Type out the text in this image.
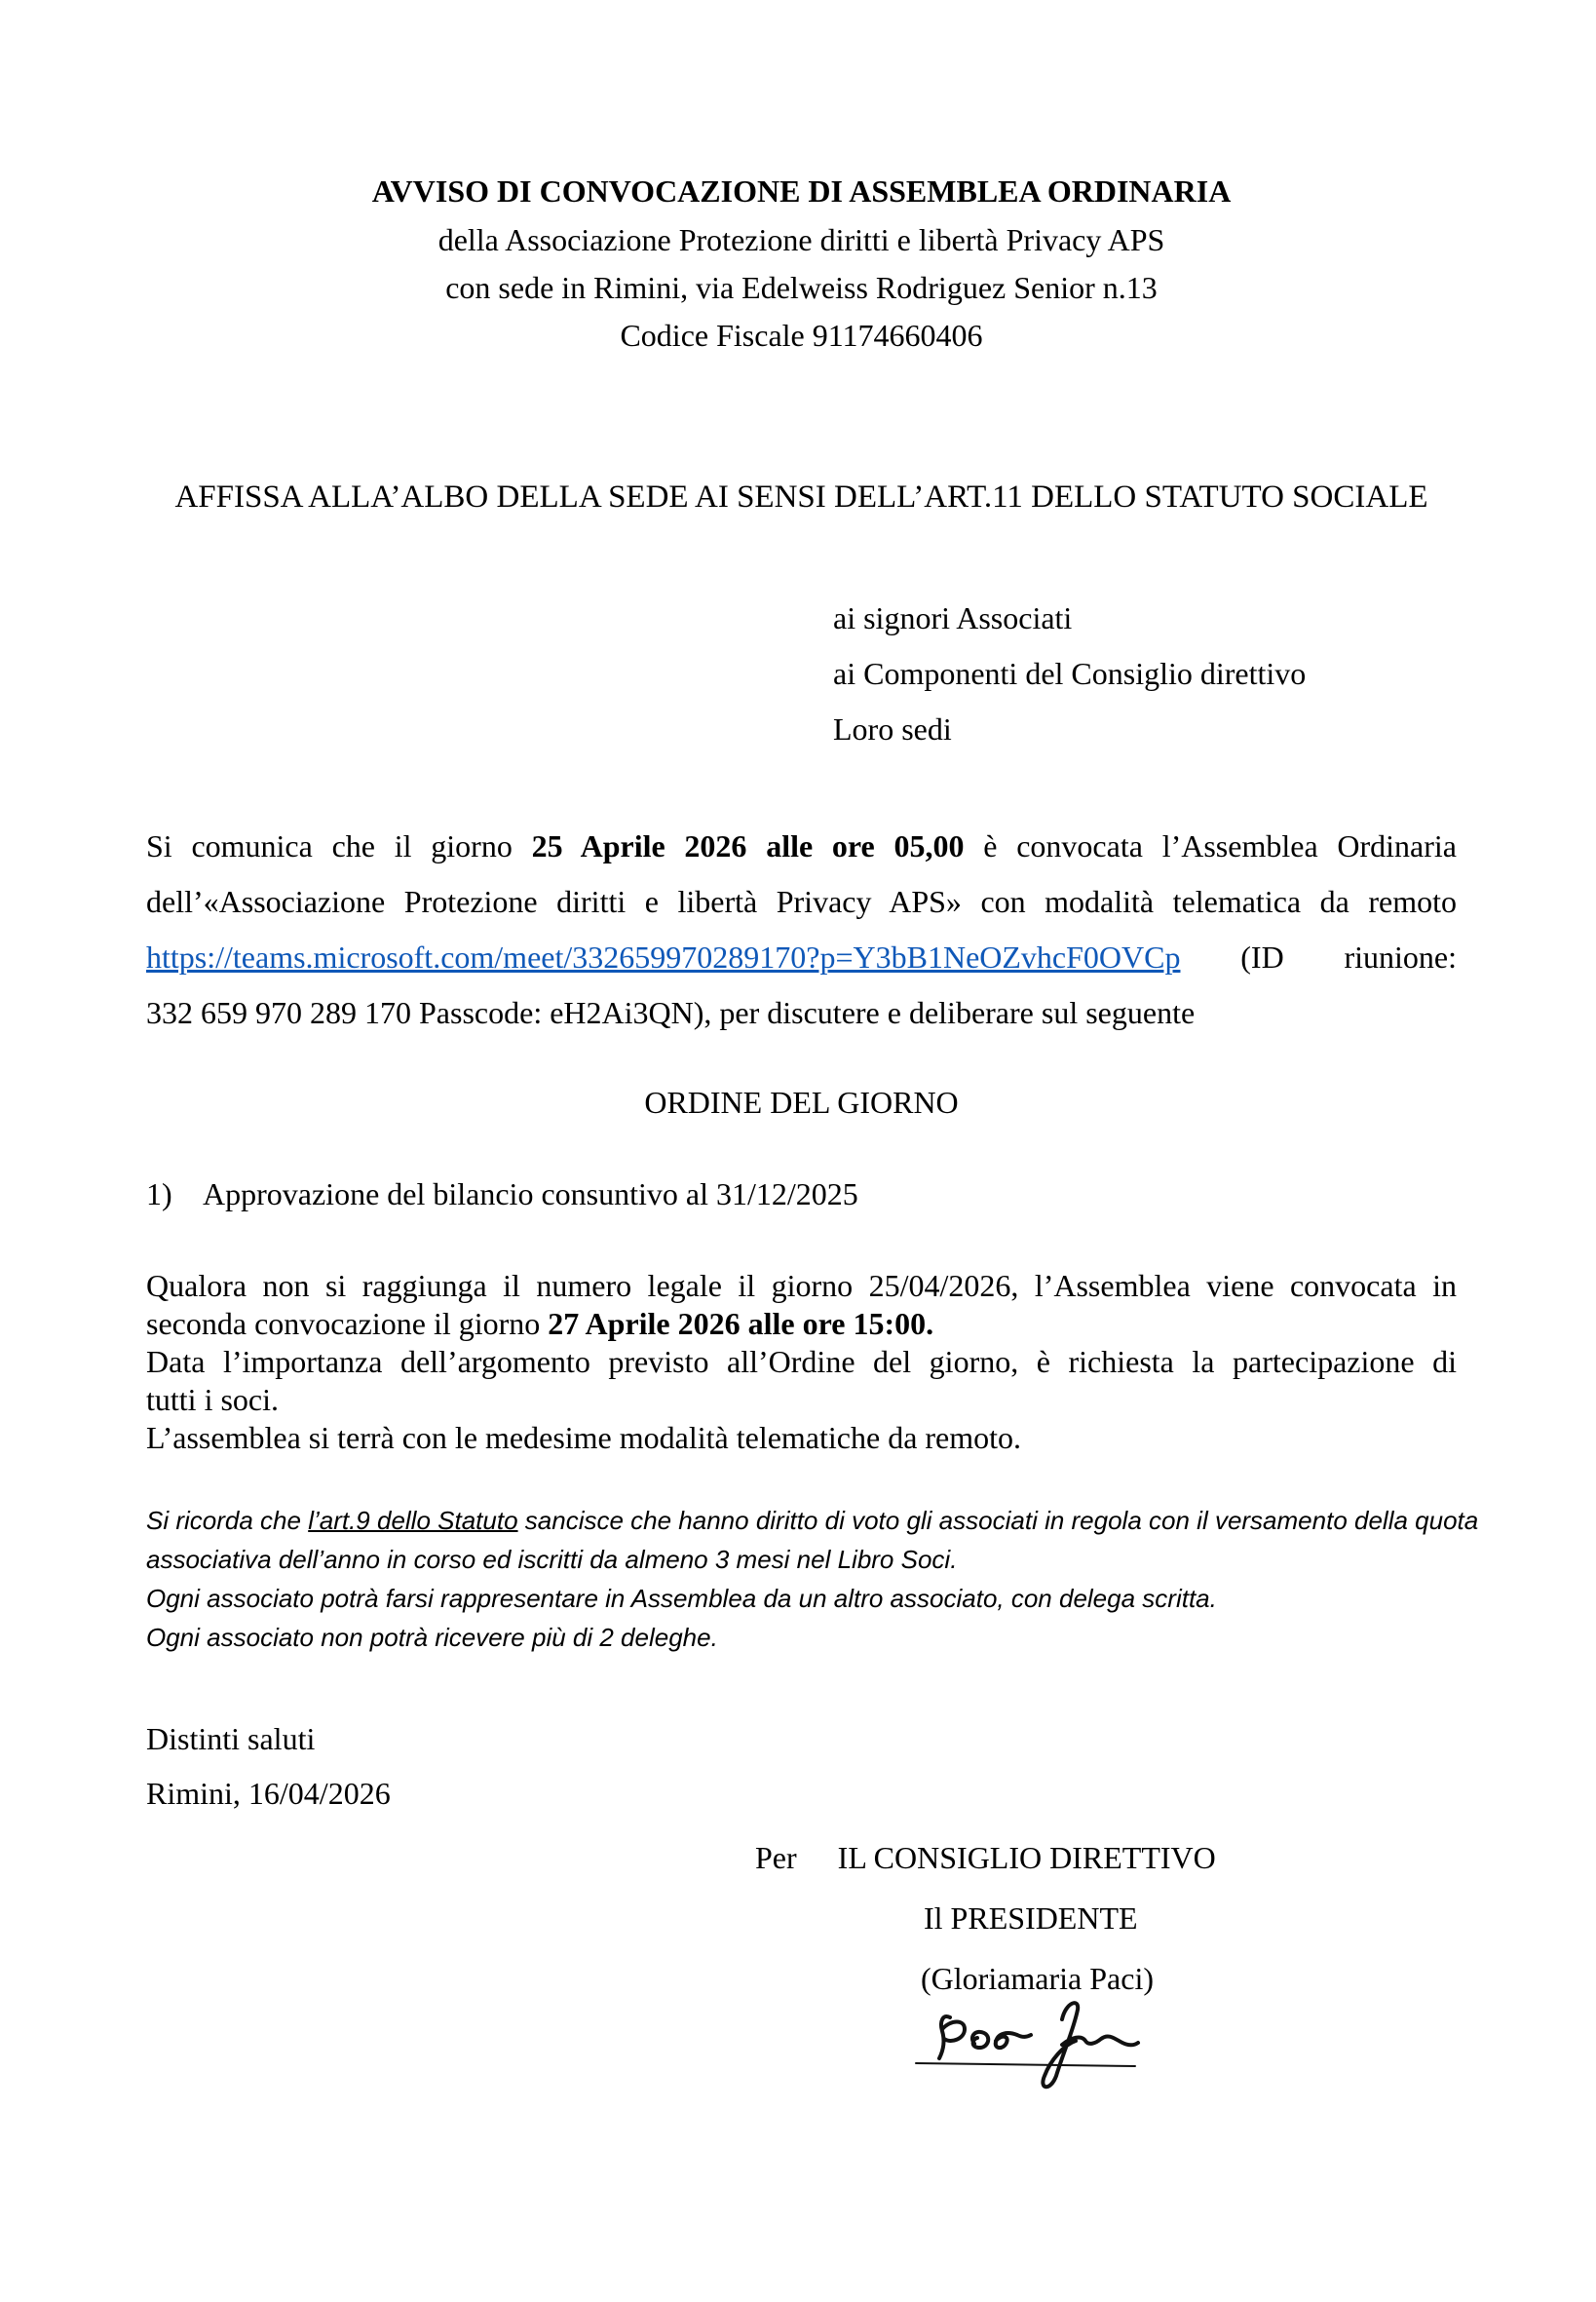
AVVISO DI CONVOCAZIONE DI ASSEMBLEA ORDINARIA
della Associazione Protezione diritti e libertà Privacy APS
con sede in Rimini, via Edelweiss Rodriguez Senior n.13
Codice Fiscale 91174660406
AFFISSA ALLA’ALBO DELLA SEDE AI SENSI DELL’ART.11 DELLO STATUTO SOCIALE
ai signori Associati
ai Componenti del Consiglio direttivo
Loro sedi
Si comunica che il giorno 25 Aprile 2026 alle ore 05,00 è convocata l’Assemblea Ordinaria
dell’«Associazione Protezione diritti e libertà Privacy APS» con modalità telematica da remoto
https://teams.microsoft.com/meet/332659970289170?p=Y3bB1NeOZvhcF0OVCp (ID riunione:
332 659 970 289 170 Passcode: eH2Ai3QN), per discutere e deliberare sul seguente
ORDINE DEL GIORNO
1) Approvazione del bilancio consuntivo al 31/12/2025
Qualora non si raggiunga il numero legale il giorno 25/04/2026, l’Assemblea viene convocata in
seconda convocazione il giorno 27 Aprile 2026 alle ore 15:00.
Data l’importanza dell’argomento previsto all’Ordine del giorno, è richiesta la partecipazione di
tutti i soci.
L’assemblea si terrà con le medesime modalità telematiche da remoto.
Si ricorda che l’art.9 dello Statuto sancisce che hanno diritto di voto gli associati in regola con il versamento della quota
associativa dell’anno in corso ed iscritti da almeno 3 mesi nel Libro Soci.
Ogni associato potrà farsi rappresentare in Assemblea da un altro associato, con delega scritta.
Ogni associato non potrà ricevere più di 2 deleghe.
Distinti saluti
Rimini, 16/04/2026
Per IL CONSIGLIO DIRETTIVO
Il PRESIDENTE
(Gloriamaria Paci)
